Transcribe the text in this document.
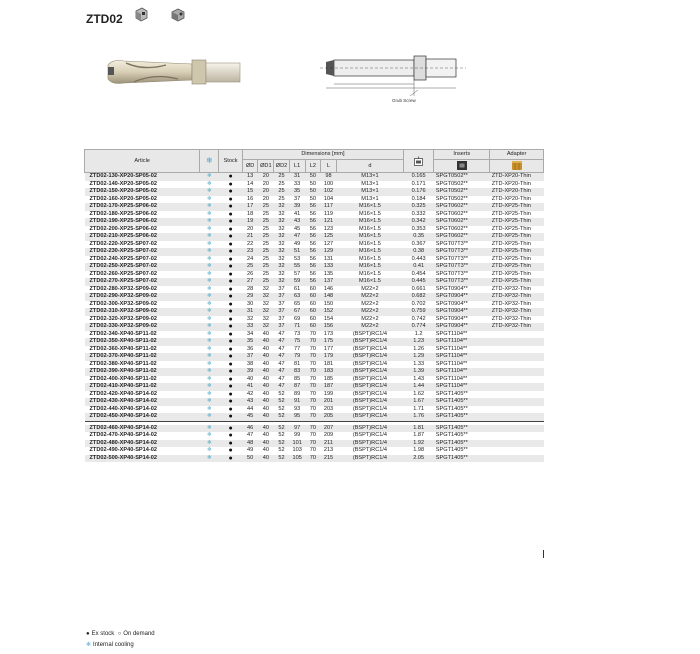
ZTD02
Grub Screw
Article	❄	Stock	Dimensions [mm]								Inserts	Adapter
			ØD	ØD1	ØD2	L1	L2	L	d		
ZTD02-130-XP20-SP05-02	❄	●	13	20	25	31	50	98	M13×1	0.165	SPGT0502**	ZTD-XP20-Thin
ZTD02-140-XP20-SP05-02	❄	●	14	20	25	33	50	100	M13×1	0.171	SPGT0502**	ZTD-XP20-Thin
ZTD02-150-XP20-SP05-02	❄	●	15	20	25	35	50	102	M13×1	0.176	SPGT0502**	ZTD-XP20-Thin
ZTD02-160-XP20-SP05-02	❄	●	16	20	25	37	50	104	M13×1	0.184	SPGT0502**	ZTD-XP20-Thin
ZTD02-170-XP25-SP06-02	❄	●	17	25	32	39	56	117	M16×1.5	0.325	SPGT0602**	ZTD-XP25-Thin
ZTD02-180-XP25-SP06-02	❄	●	18	25	32	41	56	119	M16×1.5	0.332	SPGT0602**	ZTD-XP25-Thin
ZTD02-190-XP25-SP06-02	❄	●	19	25	32	43	56	121	M16×1.5	0.342	SPGT0602**	ZTD-XP25-Thin
ZTD02-200-XP25-SP06-02	❄	●	20	25	32	45	56	123	M16×1.5	0.353	SPGT0602**	ZTD-XP25-Thin
ZTD02-210-XP25-SP06-02	❄	●	21	25	32	47	56	125	M16×1.5	0.35	SPGT0602**	ZTD-XP25-Thin
ZTD02-220-XP25-SP07-02	❄	●	22	25	32	49	56	127	M16×1.5	0.367	SPGT07T3**	ZTD-XP25-Thin
ZTD02-230-XP25-SP07-02	❄	●	23	25	32	51	56	129	M16×1.5	0.38	SPGT07T3**	ZTD-XP25-Thin
ZTD02-240-XP25-SP07-02	❄	●	24	25	32	53	56	131	M16×1.5	0.443	SPGT07T3**	ZTD-XP25-Thin
ZTD02-250-XP25-SP07-02	❄	●	25	25	32	55	56	133	M16×1.5	0.41	SPGT07T3**	ZTD-XP25-Thin
ZTD02-260-XP25-SP07-02	❄	●	26	25	32	57	56	135	M16×1.5	0.454	SPGT07T3**	ZTD-XP25-Thin
ZTD02-270-XP25-SP07-02	❄	●	27	25	32	59	56	137	M16×1.5	0.445	SPGT07T3**	ZTD-XP25-Thin
ZTD02-280-XP32-SP09-02	❄	●	28	32	37	61	60	146	M22×2	0.661	SPGT0904**	ZTD-XP32-Thin
ZTD02-290-XP32-SP09-02	❄	●	29	32	37	63	60	148	M22×2	0.682	SPGT0904**	ZTD-XP32-Thin
ZTD02-300-XP32-SP09-02	❄	●	30	32	37	65	60	150	M22×2	0.702	SPGT0904**	ZTD-XP32-Thin
ZTD02-310-XP32-SP09-02	❄	●	31	32	37	67	60	152	M22×2	0.759	SPGT0904**	ZTD-XP32-Thin
ZTD02-320-XP32-SP09-02	❄	●	32	32	37	69	60	154	M22×2	0.742	SPGT0904**	ZTD-XP32-Thin
ZTD02-330-XP32-SP09-02	❄	●	33	32	37	71	60	156	M22×2	0.774	SPGT0904**	ZTD-XP32-Thin
ZTD02-340-XP40-SP11-02	❄	●	34	40	47	73	70	173	(BSPT)RC1/4	1.2	SPGT1104**	
ZTD02-350-XP40-SP11-02	❄	●	35	40	47	75	70	175	(BSPT)RC1/4	1.23	SPGT1104**	
ZTD02-360-XP40-SP11-02	❄	●	36	40	47	77	70	177	(BSPT)RC1/4	1.26	SPGT1104**	
ZTD02-370-XP40-SP11-02	❄	●	37	40	47	79	70	179	(BSPT)RC1/4	1.29	SPGT1104**	
ZTD02-380-XP40-SP11-02	❄	●	38	40	47	81	70	181	(BSPT)RC1/4	1.33	SPGT1104**	
ZTD02-390-XP40-SP11-02	❄	●	39	40	47	83	70	183	(BSPT)RC1/4	1.39	SPGT1104**	
ZTD02-400-XP40-SP11-02	❄	●	40	40	47	85	70	185	(BSPT)RC1/4	1.43	SPGT1104**	
ZTD02-410-XP40-SP11-02	❄	●	41	40	47	87	70	187	(BSPT)RC1/4	1.44	SPGT1104**	
ZTD02-420-XP40-SP14-02	❄	●	42	40	52	89	70	199	(BSPT)RC1/4	1.62	SPGT1405**	
ZTD02-430-XP40-SP14-02	❄	●	43	40	52	91	70	201	(BSPT)RC1/4	1.67	SPGT1405**	
ZTD02-440-XP40-SP14-02	❄	●	44	40	52	93	70	203	(BSPT)RC1/4	1.71	SPGT1405**	
ZTD02-450-XP40-SP14-02	❄	●	45	40	52	95	70	205	(BSPT)RC1/4	1.76	SPGT1405**	

ZTD02-460-XP40-SP14-02	❄	●	46	40	52	97	70	207	(BSPT)RC1/4	1.81	SPGT1405**	
ZTD02-470-XP40-SP14-02	❄	●	47	40	52	99	70	209	(BSPT)RC1/4	1.87	SPGT1405**	
ZTD02-480-XP40-SP14-02	❄	●	48	40	52	101	70	211	(BSPT)RC1/4	1.92	SPGT1405**	
ZTD02-490-XP40-SP14-02	❄	●	49	40	52	103	70	213	(BSPT)RC1/4	1.98	SPGT1405**	
ZTD02-500-XP40-SP14-02	❄	●	50	40	52	105	70	215	(BSPT)RC1/4	2.05	SPGT1405**	
● Ex stock ○ On demand
❄ Internal cooling
